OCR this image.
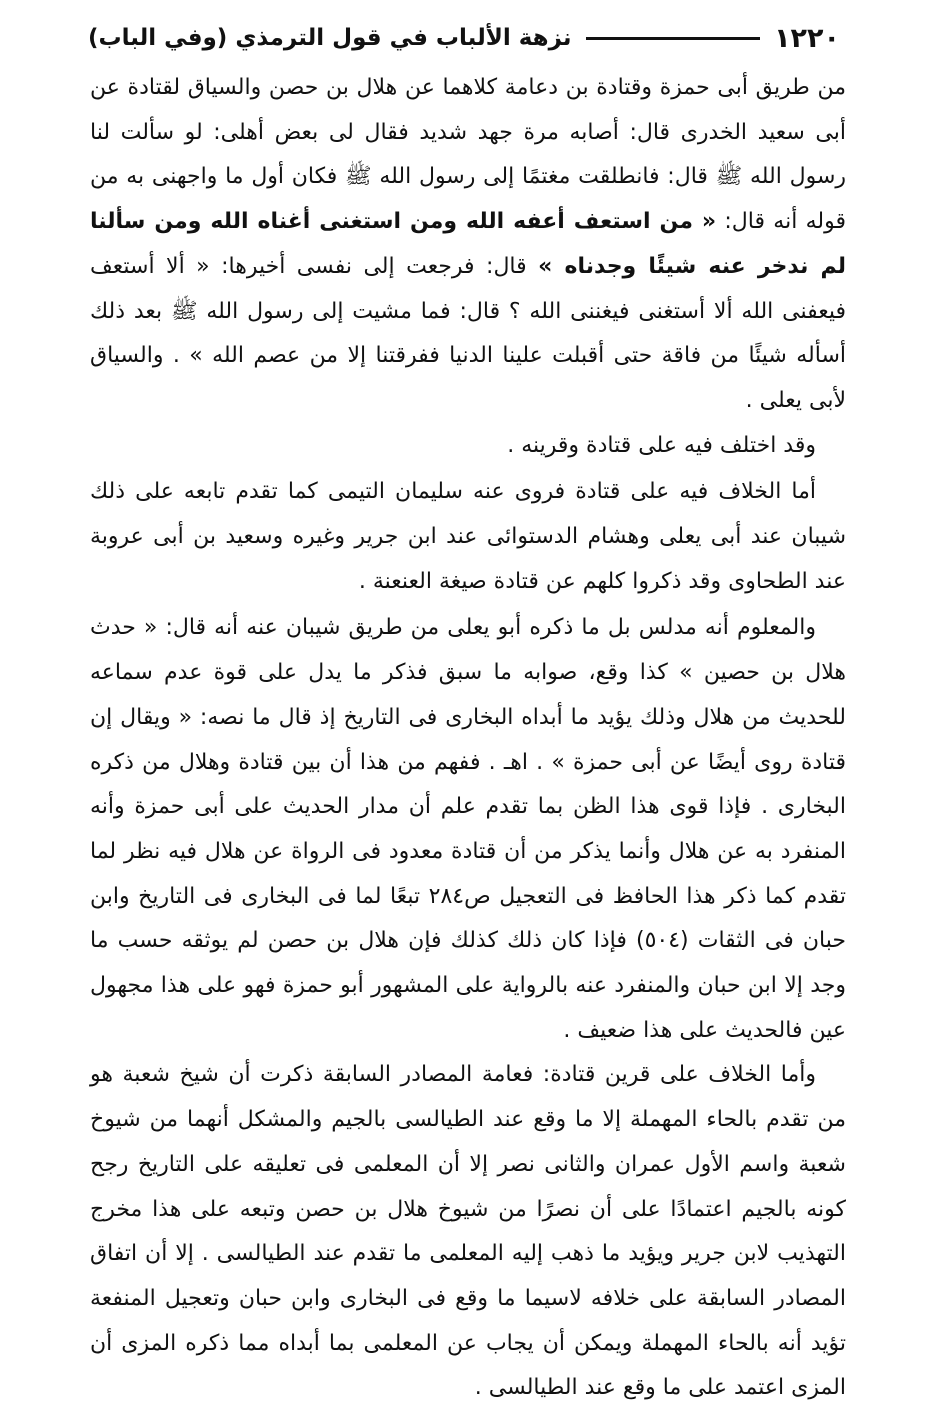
١٢٢٠
نزهة الألباب في قول الترمذي (وفي الباب)

من طريق أبى حمزة وقتادة بن دعامة كلاهما عن هلال بن حصن والسياق لقتادة عن أبى سعيد الخدرى قال: أصابه مرة جهد شديد فقال لى بعض أهلى: لو سألت لنا رسول الله ﷺ قال: فانطلقت مغتمًا إلى رسول الله ﷺ فكان أول ما واجهنى به من قوله أنه قال: « من استعف أعفه الله ومن استغنى أغناه الله ومن سألنا لم ندخر عنه شيئًا وجدناه » قال: فرجعت إلى نفسى أخيرها: « ألا أستعف فيعفنى الله ألا أستغنى فيغننى الله ؟ قال: فما مشيت إلى رسول الله ﷺ بعد ذلك أسأله شيئًا من فاقة حتى أقبلت علينا الدنيا ففرقتنا إلا من عصم الله » . والسياق لأبى يعلى .

وقد اختلف فيه على قتادة وقرينه .

أما الخلاف فيه على قتادة فروى عنه سليمان التيمى كما تقدم تابعه على ذلك شيبان عند أبى يعلى وهشام الدستوائى عند ابن جرير وغيره وسعيد بن أبى عروبة عند الطحاوى وقد ذكروا كلهم عن قتادة صيغة العنعنة .

والمعلوم أنه مدلس بل ما ذكره أبو يعلى من طريق شيبان عنه أنه قال: « حدث هلال بن حصين » كذا وقع، صوابه ما سبق فذكر ما يدل على قوة عدم سماعه للحديث من هلال وذلك يؤيد ما أبداه البخارى فى التاريخ إذ قال ما نصه: « ويقال إن قتادة روى أيضًا عن أبى حمزة » . اهـ . ففهم من هذا أن بين قتادة وهلال من ذكره البخارى . فإذا قوى هذا الظن بما تقدم علم أن مدار الحديث على أبى حمزة وأنه المنفرد به عن هلال وأنما يذكر من أن قتادة معدود فى الرواة عن هلال فيه نظر لما تقدم كما ذكر هذا الحافظ فى التعجيل ص٢٨٤ تبعًا لما فى البخارى فى التاريخ وابن حبان فى الثقات (٥٠٤) فإذا كان ذلك كذلك فإن هلال بن حصن لم يوثقه حسب ما وجد إلا ابن حبان والمنفرد عنه بالرواية على المشهور أبو حمزة فهو على هذا مجهول عين فالحديث على هذا ضعيف .

وأما الخلاف على قرين قتادة: فعامة المصادر السابقة ذكرت أن شيخ شعبة هو من تقدم بالحاء المهملة إلا ما وقع عند الطيالسى بالجيم والمشكل أنهما من شيوخ شعبة واسم الأول عمران والثانى نصر إلا أن المعلمى فى تعليقه على التاريخ رجح كونه بالجيم اعتمادًا على أن نصرًا من شيوخ هلال بن حصن وتبعه على هذا مخرج التهذيب لابن جرير ويؤيد ما ذهب إليه المعلمى ما تقدم عند الطيالسى . إلا أن اتفاق المصادر السابقة على خلافه لاسيما ما وقع فى البخارى وابن حبان وتعجيل المنفعة تؤيد أنه بالحاء المهملة ويمكن أن يجاب عن المعلمى بما أبداه مما ذكره المزى أن المزى اعتمد على ما وقع عند الطيالسى .
